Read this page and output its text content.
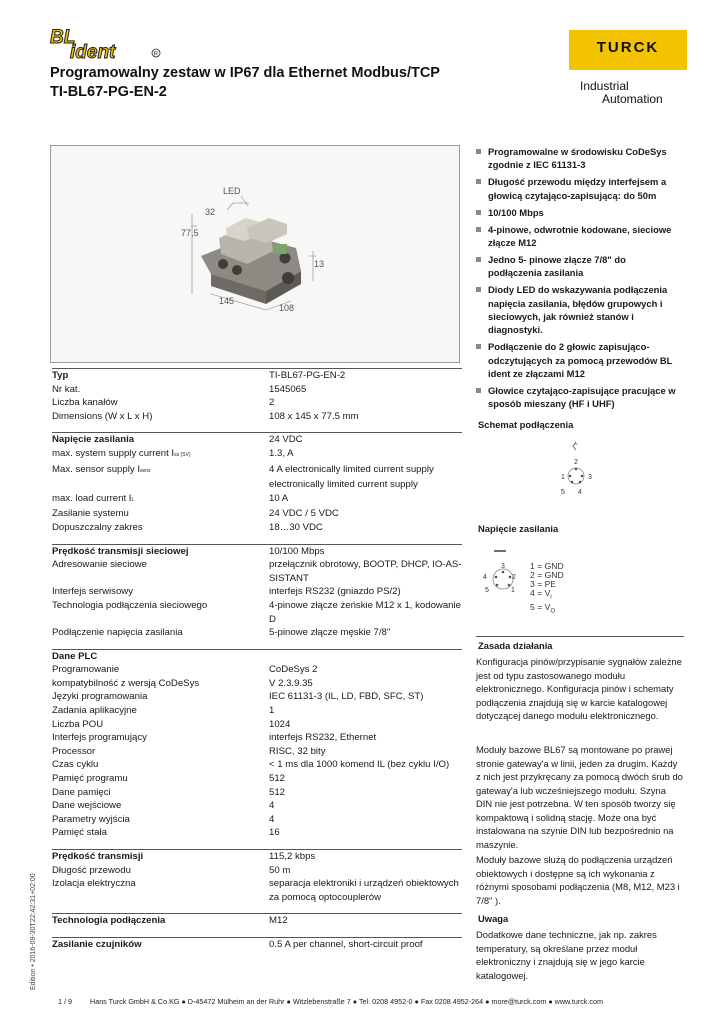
BL
ident	R	TURCK
Industrial
Automation
Programowalny zestaw w IP67 dla Ethernet Modbus/TCP
TI-BL67-PG-EN-2
LED
32
77,5
13
145
108
Typ	TI-BL67-PG-EN-2
Nr kat.	1545065
Liczba kanałów	2
Dimensions (W x L x H)	108 x 145 x 77.5 mm
Napięcie zasilania	24 VDC
max. system supply current Iss (SV)	1.3, A
Max. sensor supply Isens	4 A electronically limited current supply
electronically limited current supply
max. load current IL	10 A
Zasilanie systemu	24 VDC / 5 VDC
Dopuszczalny zakres	18…30 VDC
Prędkość transmisji sieciowej	10/100 Mbps
Adresowanie sieciowe	przełącznik obrotowy, BOOTP, DHCP, IO-AS-
SISTANT
Interfejs serwisowy	interfejs RS232 (gniazdo PS/2)
Technologia podłączenia sieciowego	4-pinowe złącze żeńskie M12 x 1, kodowanie
D
Podłączenie napięcia zasilania	5-pinowe złącze męskie 7/8"
Dane PLC
Programowanie	CoDeSys 2
kompatybilność z wersją CoDeSys	V 2.3.9.35
Języki programowania	IEC 61131-3 (IL, LD, FBD, SFC, ST)
Zadania aplikacyjne	1
Liczba POU	1024
Interfejs programujący	interfejs RS232, Ethernet
Processor	RISC, 32 bity
Czas cyklu	< 1 ms dla 1000 komend IL (bez cyklu I/O)
Pamięć programu	512
Dane pamięci	512
Dane wejściowe	4
Parametry wyjścia	4
Pamięć stała	16
Prędkość transmisji	115,2 kbps
Długość przewodu	50 m
Izolacja elektryczna	separacja elektroniki i urządzeń obiektowych
za pomocą optocouplerów
Technologia podłączenia	M12
Zasilanie czujników	0.5 A per channel, short-circuit proof
Programowalne w środowisku CoDeSys zgodnie z IEC 61131-3
Długość przewodu między interfejsem a głowicą czytająco-zapisującą: do 50m
10/100 Mbps
4-pinowe, odwrotnie kodowane, sieciowe złącze M12
Jedno 5- pinowe złącze 7/8" do podłączenia zasilania
Diody LED do wskazywania podłączenia napięcia zasilania, błędów grupowych i sieciowych, jak również stanów i diagnostyki.
Podłączenie do 2 głowic zapisująco-odczytujących za pomocą przewodów BL ident ze złączami M12
Głowice czytająco-zapisujące pracujące w sposób mieszany (HF i UHF)
Schemat podłączenia
2
1	3
5 4
Napięcie zasilania
3
4	2
5	1
1 = GND
2 = GND
3 = PE
$4 = V_i$
$5 = V_O$
Zasada działania
Konfiguracja pinów/przypisanie sygnałów zależne jest od typu zastosowanego modułu elektronicznego. Konfiguracja pinów i schematy podłączenia znajdują się w karcie katalogowej dotyczącej danego modułu elektronicznego.
Moduły bazowe BL67 są montowane po prawej stronie gateway'a w linii, jeden za drugim. Każdy z nich jest przykręcany za pomocą dwóch śrub do gateway'a lub wcześniejszego modułu. Szyna DIN nie jest potrzebna. W ten sposób tworzy się kompaktową i solidną stację. Może ona być instalowana na szynie DIN lub bezpośrednio na maszynie.
Moduły bazowe służą do podłączenia urządzeń obiektowych i dostępne są ich wykonania z różnymi sposobami podłączenia (M8, M12, M23 i 7/8" ).
Uwaga
Dodatkowe dane techniczne, jak np. zakres temperatury, są określane przez moduł elektroniczny i znajdują się w jego karcie katalogowej.
Edition • 2016-09-30T22:42:31+02:00
1 / 9	Hans Turck GmbH & Co.KG ● D-45472 Mülheim an der Ruhr ● Witzlebenstraße 7 ● Tel. 0208 4952-0 ● Fax 0208 4952-264 ● more@turck.com ● www.turck.com
